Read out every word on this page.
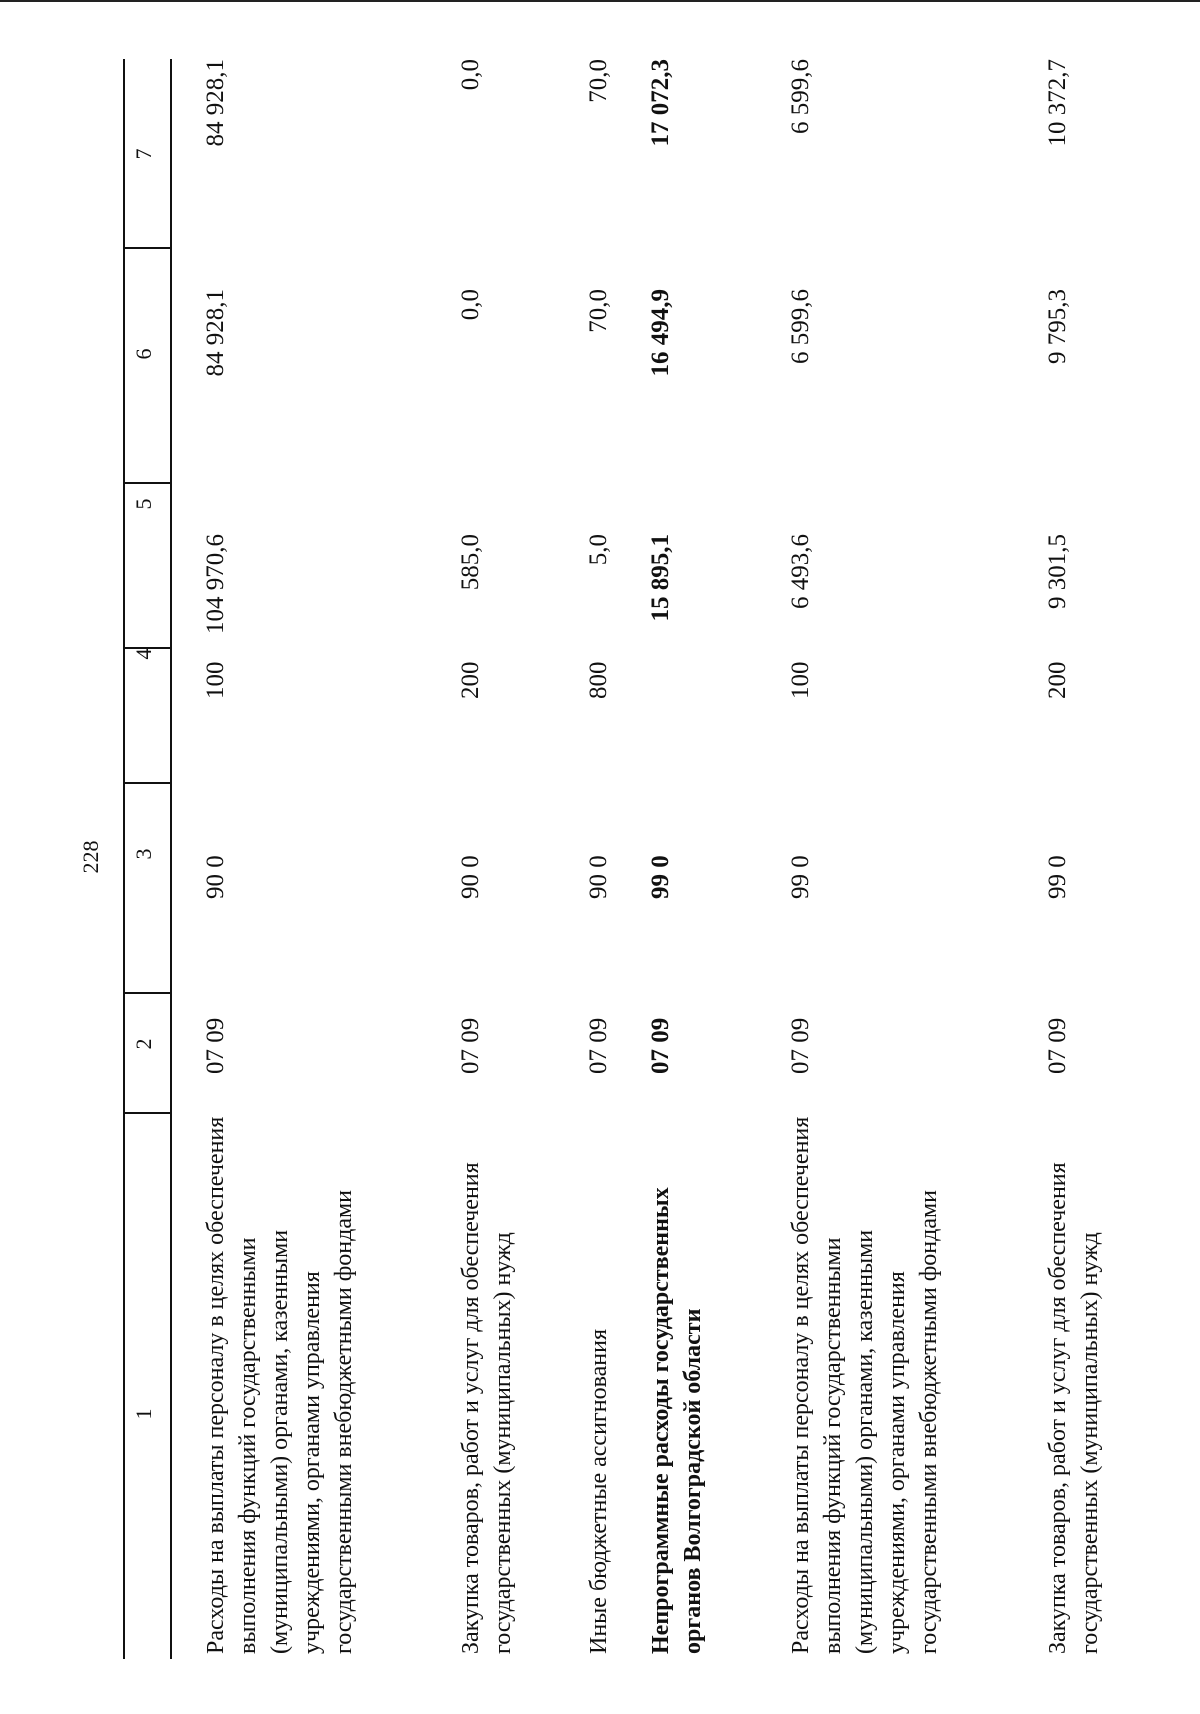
228
1
2
3
4
5
6
7
Расходы на выплаты персоналу в целях обеспечения выполнения функций государственными (муниципальными) органами, казенными учреждениями, органами управления государственными внебюджетными фондами
07 09
90 0
100
104 970,6
84 928,1
84 928,1
Закупка товаров, работ и услуг для обеспечения государственных (муниципальных) нужд
07 09
90 0
200
585,0
0,0
0,0
Иные бюджетные ассигнования
07 09
90 0
800
5,0
70,0
70,0
Непрограммные расходы государственных органов Волгоградской области
07 09
99 0
15 895,1
16 494,9
17 072,3
Расходы на выплаты персоналу в целях обеспечения выполнения функций государственными (муниципальными) органами, казенными учреждениями, органами управления государственными внебюджетными фондами
07 09
99 0
100
6 493,6
6 599,6
6 599,6
Закупка товаров, работ и услуг для обеспечения государственных (муниципальных) нужд
07 09
99 0
200
9 301,5
9 795,3
10 372,7
